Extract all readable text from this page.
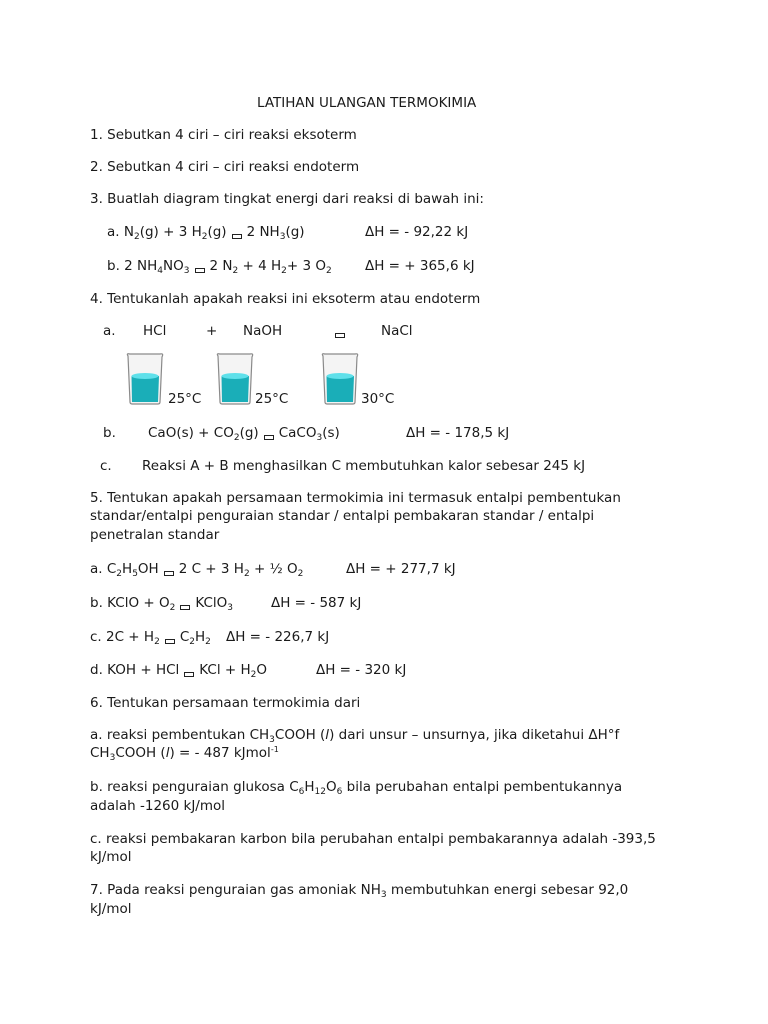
LATIHAN ULANGAN TERMOKIMIA
1. Sebutkan 4 ciri – ciri reaksi eksoterm
2. Sebutkan 4 ciri – ciri reaksi endoterm
3. Buatlah diagram tingkat energi dari reaksi di bawah ini:
a. $N_2(g) + 3$ $H_2(g)$ 2 $NH_3(g)$	ΔH = - 92,22 kJ
b. 2 $NH_4NO_3$ 2 $N_2 + 4$ $H_2+ 3$ $O_2$ ΔH = + 365,6 kJ
4. Tentukanlah apakah reaksi ini eksoterm atau endoterm
a. HCl	+ NaOH	NaCl
25°C	25°C	30°C
b. $CaO(s) + CO_2(g)$ CaCO$_3$(s)	ΔH = - 178,5 kJ
c. Reaksi A + B menghasilkan C membutuhkan kalor sebesar 245 kJ
5. Tentukan apakah persamaan termokimia ini termasuk entalpi pembentukan
standar/entalpi penguraian standar / entalpi pembakaran standar / entalpi
penetralan standar
a. $C_2H_5OH$ 2 C + 3 $H_2$ + ½ $O_2$	ΔH = + 277,7 kJ
b. KClO + $O_2$ KClO$_3$	ΔH = - 587 kJ
c. $2C + H_2$ $C_2H_2$ ΔH = - 226,7 kJ
d. KOH + HCl KCl + $H_2O$	ΔH = - 320 kJ
6. Tentukan persamaan termokimia dari
a. reaksi pembentukan $CH_3COOH$ (l) dari unsur – unsurnya, jika diketahui ΔH°f
$CH_3COOH$ (l) = - 487 kJmol$^{-1}$
b. reaksi penguraian glukosa $C_6H_{12}O_6$ bila perubahan entalpi pembentukannya
adalah -1260 kJ/mol
c. reaksi pembakaran karbon bila perubahan entalpi pembakarannya adalah -393,5
kJ/mol
7. Pada reaksi penguraian gas amoniak $NH_3$ membutuhkan energi sebesar 92,0
kJ/mol
